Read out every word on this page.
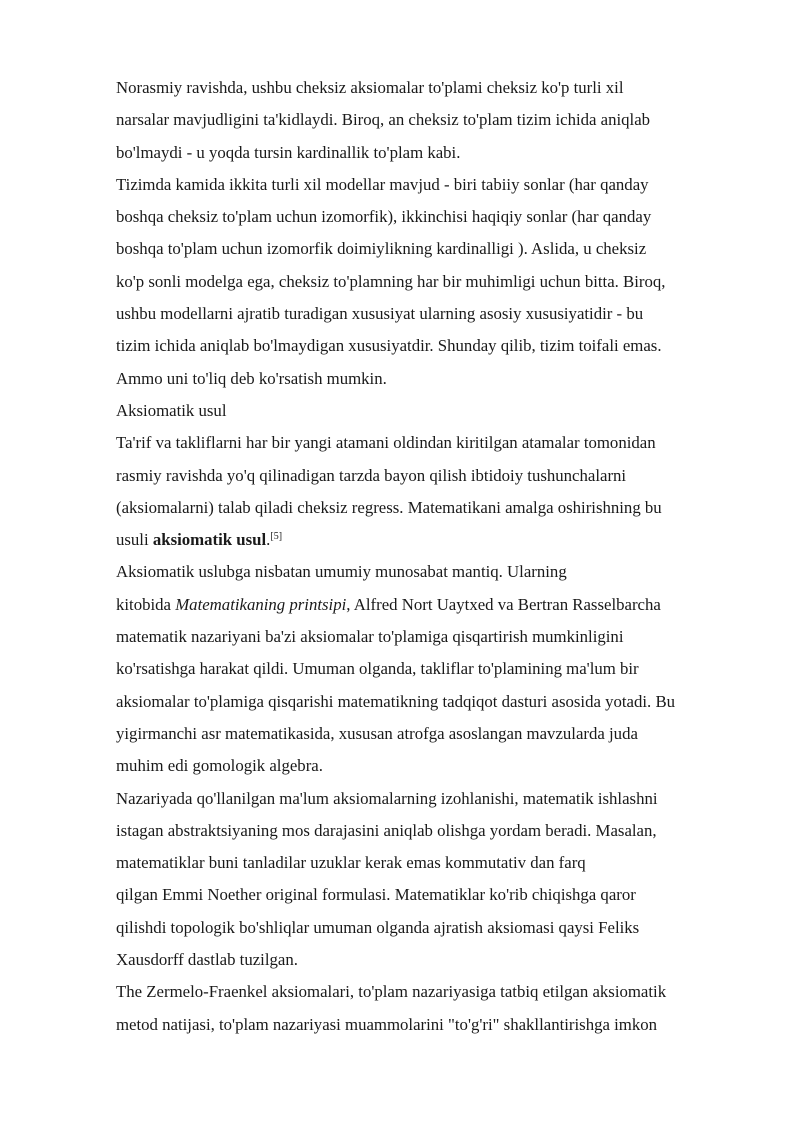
Norasmiy ravishda, ushbu cheksiz aksiomalar to'plami cheksiz ko'p turli xil
narsalar mavjudligini ta'kidlaydi. Biroq, an cheksiz to'plam tizim ichida aniqlab
bo'lmaydi - u yoqda tursin kardinallik to'plam kabi.
Tizimda kamida ikkita turli xil modellar mavjud - biri tabiiy sonlar (har qanday
boshqa cheksiz to'plam uchun izomorfik), ikkinchisi haqiqiy sonlar (har qanday
boshqa to'plam uchun izomorfik doimiylikning kardinalligi ). Aslida, u cheksiz
ko'p sonli modelga ega, cheksiz to'plamning har bir muhimligi uchun bitta. Biroq,
ushbu modellarni ajratib turadigan xususiyat ularning asosiy xususiyatidir - bu
tizim ichida aniqlab bo'lmaydigan xususiyatdir. Shunday qilib, tizim toifali emas.
Ammo uni to'liq deb ko'rsatish mumkin.
Aksiomatik usul
Ta'rif va takliflarni har bir yangi atamani oldindan kiritilgan atamalar tomonidan
rasmiy ravishda yo'q qilinadigan tarzda bayon qilish ibtidoiy tushunchalarni
(aksiomalarni) talab qiladi cheksiz regress. Matematikani amalga oshirishning bu
usuli aksiomatik usul.[5]
Aksiomatik uslubga nisbatan umumiy munosabat mantiq. Ularning
kitobida Matematikaning printsipi, Alfred Nort Uaytxed va Bertran Rasselbarcha
matematik nazariyani ba'zi aksiomalar to'plamiga qisqartirish mumkinligini
ko'rsatishga harakat qildi. Umuman olganda, takliflar to'plamining ma'lum bir
aksiomalar to'plamiga qisqarishi matematikning tadqiqot dasturi asosida yotadi. Bu
yigirmanchi asr matematikasida, xususan atrofga asoslangan mavzularda juda
muhim edi gomologik algebra.
Nazariyada qo'llanilgan ma'lum aksiomalarning izohlanishi, matematik ishlashni
istagan abstraktsiyaning mos darajasini aniqlab olishga yordam beradi. Masalan,
matematiklar buni tanladilar uzuklar kerak emas kommutativ dan farq
qilgan Emmi Noether original formulasi. Matematiklar ko'rib chiqishga qaror
qilishdi topologik bo'shliqlar umuman olganda ajratish aksiomasi qaysi Feliks
Xausdorff dastlab tuzilgan.
The Zermelo-Fraenkel aksiomalari, to'plam nazariyasiga tatbiq etilgan aksiomatik
metod natijasi, to'plam nazariyasi muammolarini "to'g'ri" shakllantirishga imkon
